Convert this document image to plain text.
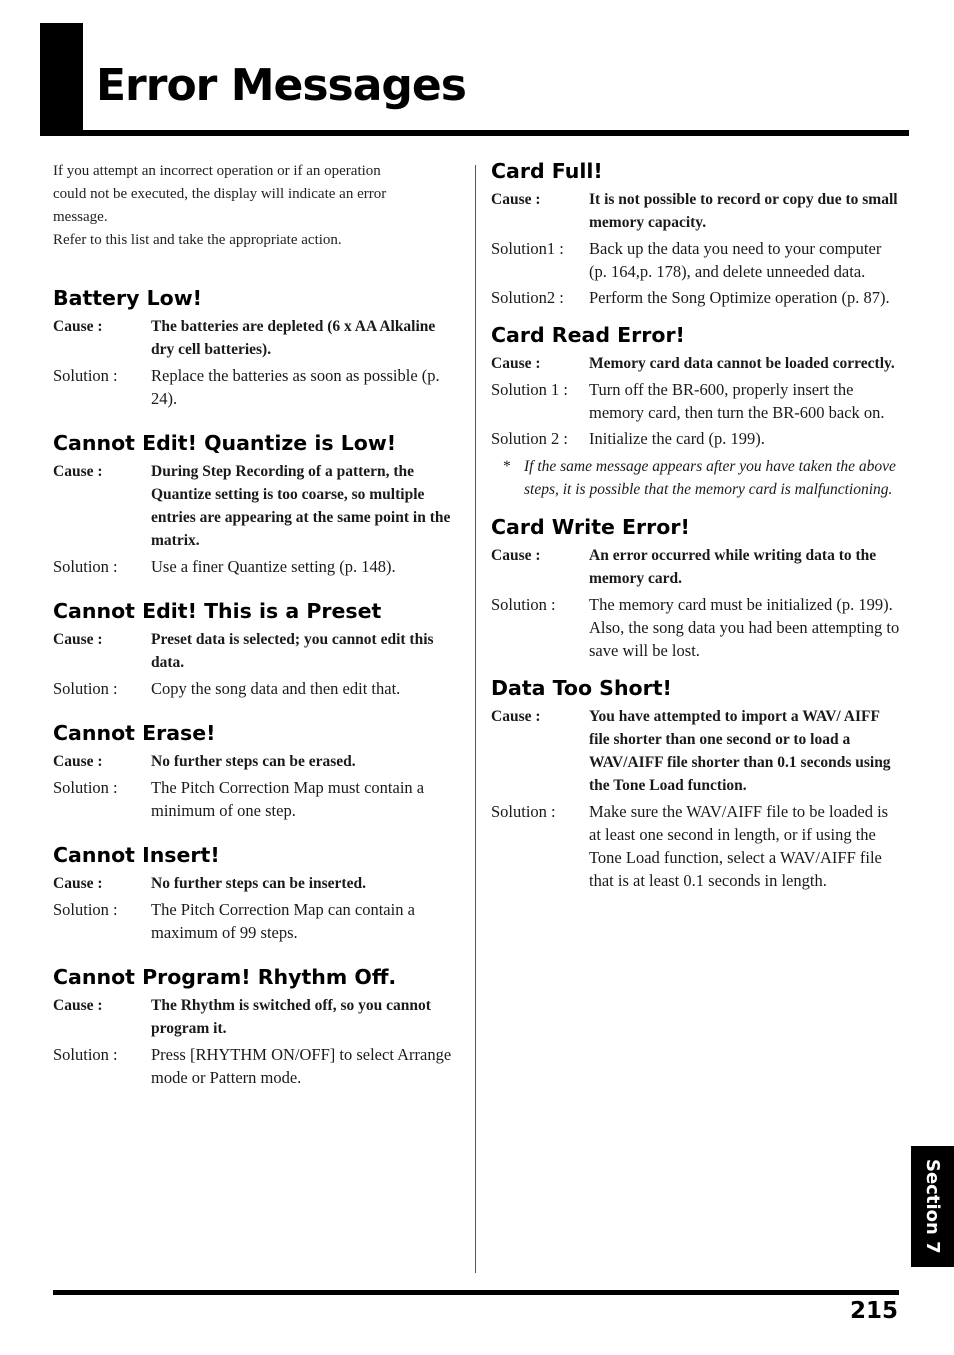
Error Messages

If you attempt an incorrect operation or if an operation

could not be executed, the display will indicate an error

message.

Refer to this list and take the appropriate action.

Battery Low!
Cause :	The batteries are depleted (6 x AA Alkaline dry cell batteries).
Solution :	Replace the batteries as soon as possible (p. 24).
Cannot Edit! Quantize is Low!
Cause :	During Step Recording of a pattern, the Quantize setting is too coarse, so multiple entries are appearing at the same point in the matrix.
Solution :	Use a finer Quantize setting (p. 148).
Cannot Edit! This is a Preset
Cause :	Preset data is selected; you cannot edit this data.
Solution :	Copy the song data and then edit that.
Cannot Erase!
Cause :	No further steps can be erased.
Solution :	The Pitch Correction Map must contain a minimum of one step.
Cannot Insert!
Cause :	No further steps can be inserted.
Solution :	The Pitch Correction Map can contain a maximum of 99 steps.
Cannot Program! Rhythm Off.
Cause :	The Rhythm is switched off, so you cannot program it.
Solution :	Press [RHYTHM ON/OFF] to select Arrange mode or Pattern mode.
Card Full!
Cause :	It is not possible to record or copy due to small memory capacity.
Solution1 :	Back up the data you need to your computer (p. 164,p. 178), and delete unneeded data.
Solution2 :	Perform the Song Optimize operation (p. 87).
Card Read Error!
Cause :	Memory card data cannot be loaded correctly.
Solution 1 :	Turn off the BR-600, properly insert the memory card, then turn the BR-600 back on.
Solution 2 :	Initialize the card (p. 199).
* If the same message appears after you have taken the above steps, it is possible that the memory card is malfunctioning.
Card Write Error!
Cause :	An error occurred while writing data to the memory card.
Solution :	The memory card must be initialized (p. 199). Also, the song data you had been attempting to save will be lost.
Data Too Short!
Cause :	You have attempted to import a WAV/ AIFF file shorter than one second or to load a WAV/AIFF file shorter than 0.1 seconds using the Tone Load function.
Solution :	Make sure the WAV/AIFF file to be loaded is at least one second in length, or if using the Tone Load function, select a WAV/AIFF file that is at least 0.1 seconds in length.
Section 7
215
